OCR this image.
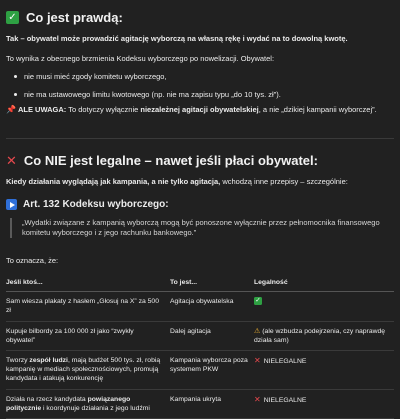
✓ Co jest prawdą:
Tak – obywatel może prowadzić agitację wyborczą na własną rękę i wydać na to dowolną kwotę.
To wynika z obecnego brzmienia Kodeksu wyborczego po nowelizacji. Obywatel:
nie musi mieć zgody komitetu wyborczego,
nie ma ustawowego limitu kwotowego (np. nie ma zapisu typu „do 10 tys. zł”).
📌 ALE UWAGA: To dotyczy wyłącznie niezależnej agitacji obywatelskiej, a nie „dzikiej kampanii wyborczej”.
✕ Co NIE jest legalne – nawet jeśli płaci obywatel:
Kiedy działania wyglądają jak kampania, a nie tylko agitacja, wchodzą inne przepisy – szczególnie:
Art. 132 Kodeksu wyborczego:
„Wydatki związane z kampanią wyborczą mogą być ponoszone wyłącznie przez pełnomocnika finansowego komitetu wyborczego i z jego rachunku bankowego.”
To oznacza, że:
Jeśli ktoś...	To jest...	Legalność
Sam wiesza plakaty z hasłem „Głosuj na X” za 500 zł	Agitacja obywatelska	✓
Kupuje bilbordy za 100 000 zł jako “zwykły obywatel”	Dalej agitacja	⚠ (ale wzbudza podejrzenia, czy naprawdę działa sam)
Tworzy zespół ludzi, mają budżet 500 tys. zł, robią kampanię w mediach społecznościowych, promują kandydata i atakują konkurencję	Kampania wyborcza poza systemem PKW	✕ NIELEGALNE
Działa na rzecz kandydata powiązanego politycznie i koordynuje działania z jego ludźmi	Kampania ukryta	✕ NIELEGALNE
